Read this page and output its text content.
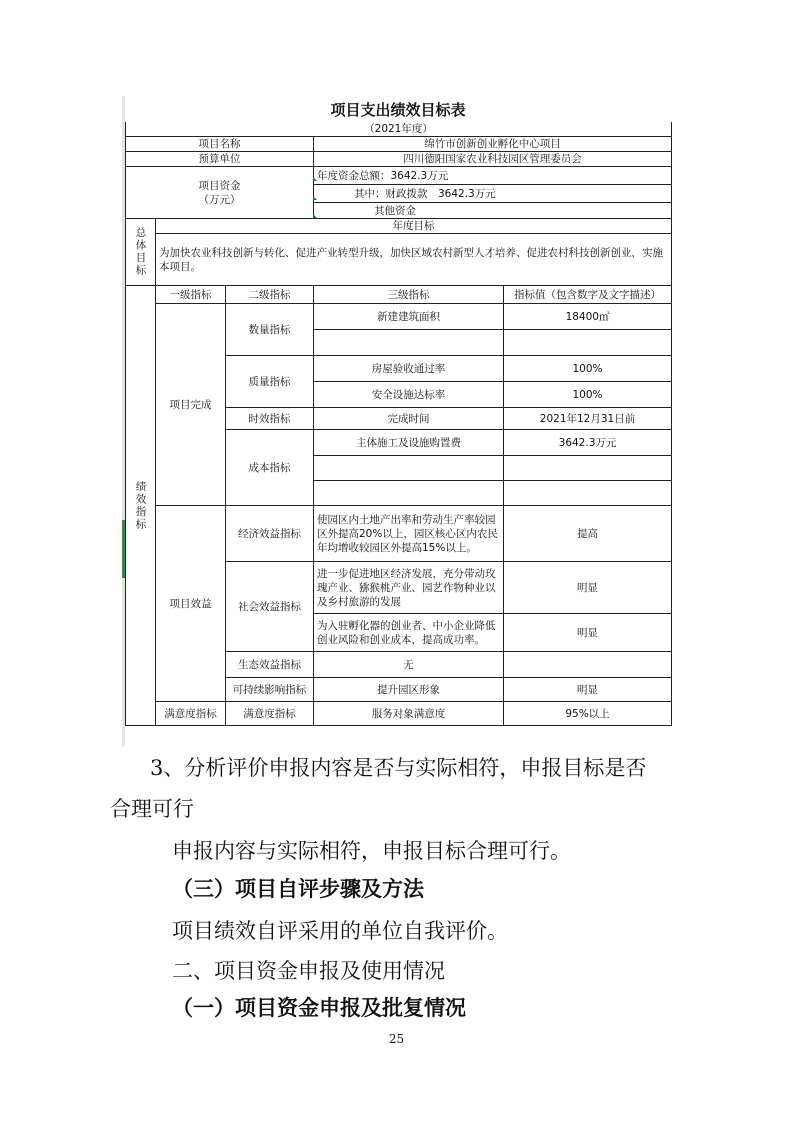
项目支出绩效目标表
（2021年度）				
项目名称			绵竹市创新创业孵化中心项目	
预算单位			四川德阳国家农业科技园区管理委员会	

项目资金
（万元）			年度资金总额：3642.3万元	
			其中：财政拨款　3642.3万元	
			其他资金	

总体目标	年度目标			
	为加快农业科技创新与转化、促进产业转型升级，加快区域农村新型人才培养、促进农村科技创新创业，实施本项目。			

绩效指标	一级指标	二级指标	三级指标	指标值（包含数字及文字描述）
	项目完成	数量指标	新建建筑面积	18400㎡

		质量指标	房屋验收通过率	100%
			安全设施达标率	100%
		时效指标	完成时间	2021年12月31日前
		成本指标	主体施工及设施购置费	3642.3万元

	项目效益	经济效益指标	使园区内土地产出率和劳动生产率较园区外提高20%以上，园区核心区内农民年均增收较园区外提高15%以上。	提高
		社会效益指标	进一步促进地区经济发展，充分带动玫瑰产业、猕猴桃产业、园艺作物种业以及乡村旅游的发展	明显
			为入驻孵化器的创业者、中小企业降低创业风险和创业成本，提高成功率。	明显
		生态效益指标	无	
		可持续影响指标	提升园区形象	明显
	满意度指标	满意度指标	服务对象满意度	95%以上
3、分析评价申报内容是否与实际相符，申报目标是否
合理可行
申报内容与实际相符，申报目标合理可行。
（三）项目自评步骤及方法
项目绩效自评采用的单位自我评价。
二、项目资金申报及使用情况
（一）项目资金申报及批复情况
25
